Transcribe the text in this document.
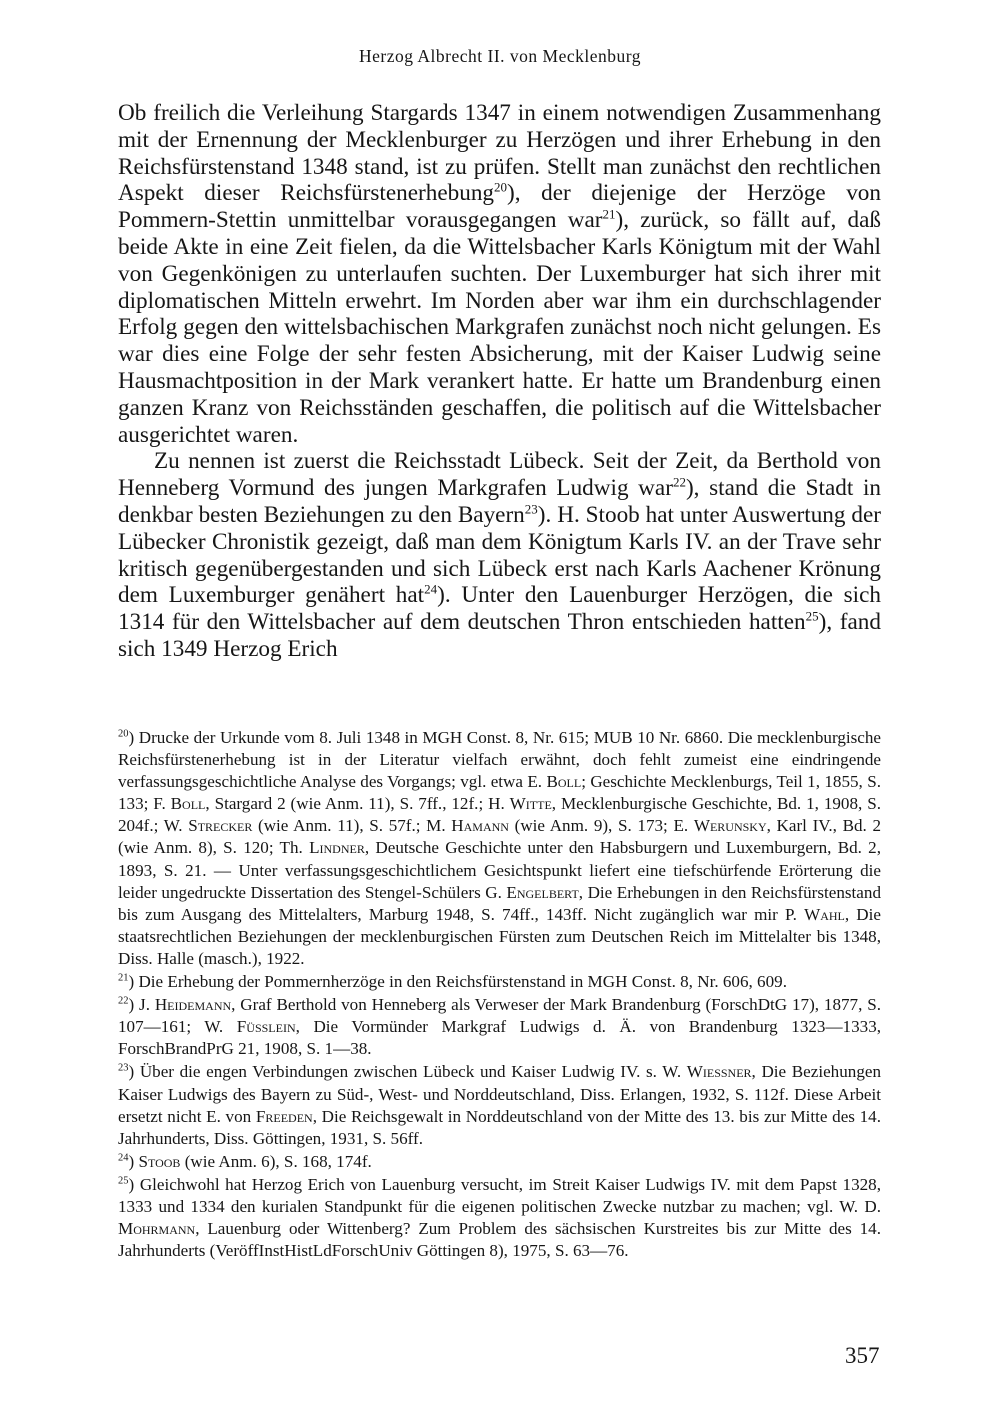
Herzog Albrecht II. von Mecklenburg

Ob freilich die Verleihung Stargards 1347 in einem notwendigen Zusammenhang mit der Ernennung der Mecklenburger zu Herzögen und ihrer Erhebung in den Reichsfürstenstand 1348 stand, ist zu prüfen. Stellt man zunächst den rechtlichen Aspekt dieser Reichsfürstenerhebung$^{20}$), der diejenige der Herzöge von Pommern-Stettin unmittelbar vorausgegangen war$^{21}$), zurück, so fällt auf, daß beide Akte in eine Zeit fielen, da die Wittelsbacher Karls Königtum mit der Wahl von Gegenkönigen zu unterlaufen suchten. Der Luxemburger hat sich ihrer mit diplomatischen Mitteln erwehrt. Im Norden aber war ihm ein durchschlagender Erfolg gegen den wittelsbachischen Markgrafen zunächst noch nicht gelungen. Es war dies eine Folge der sehr festen Absicherung, mit der Kaiser Ludwig seine Hausmachtposition in der Mark verankert hatte. Er hatte um Brandenburg einen ganzen Kranz von Reichsständen geschaffen, die politisch auf die Wittelsbacher ausgerichtet waren.

Zu nennen ist zuerst die Reichsstadt Lübeck. Seit der Zeit, da Berthold von Henneberg Vormund des jungen Markgrafen Ludwig war$^{22}$), stand die Stadt in denkbar besten Beziehungen zu den Bayern$^{23}$). H. Stoob hat unter Auswertung der Lübecker Chronistik gezeigt, daß man dem Königtum Karls IV. an der Trave sehr kritisch gegenübergestanden und sich Lübeck erst nach Karls Aachener Krönung dem Luxemburger genähert hat$^{24}$). Unter den Lauenburger Herzögen, die sich 1314 für den Wittelsbacher auf dem deutschen Thron entschieden hatten$^{25}$), fand sich 1349 Herzog Erich

$^{20}$) Drucke der Urkunde vom 8. Juli 1348 in MGH Const. 8, Nr. 615; MUB 10 Nr. 6860. Die mecklenburgische Reichsfürstenerhebung ist in der Literatur vielfach erwähnt, doch fehlt zumeist eine eindringende verfassungsgeschichtliche Analyse des Vorgangs; vgl. etwa E. Boll; Geschichte Mecklenburgs, Teil 1, 1855, S. 133; F. Boll, Stargard 2 (wie Anm. 11), S. 7ff., 12f.; H. Witte, Mecklenburgische Geschichte, Bd. 1, 1908, S. 204f.; W. Strecker (wie Anm. 11), S. 57f.; M. Hamann (wie Anm. 9), S. 173; E. Werunsky, Karl IV., Bd. 2 (wie Anm. 8), S. 120; Th. Lindner, Deutsche Geschichte unter den Habsburgern und Luxemburgern, Bd. 2, 1893, S. 21. — Unter verfassungsgeschichtlichem Gesichtspunkt liefert eine tiefschürfende Erörterung die leider ungedruckte Dissertation des Stengel-Schülers G. Engelbert, Die Erhebungen in den Reichsfürstenstand bis zum Ausgang des Mittelalters, Marburg 1948, S. 74ff., 143ff. Nicht zugänglich war mir P. Wahl, Die staatsrechtlichen Beziehungen der mecklenburgischen Fürsten zum Deutschen Reich im Mittelalter bis 1348, Diss. Halle (masch.), 1922.

$^{21}$) Die Erhebung der Pommernherzöge in den Reichsfürstenstand in MGH Const. 8, Nr. 606, 609.

$^{22}$) J. Heidemann, Graf Berthold von Henneberg als Verweser der Mark Brandenburg (ForschDtG 17), 1877, S. 107—161; W. Füsslein, Die Vormünder Markgraf Ludwigs d. Ä. von Brandenburg 1323—1333, ForschBrandPrG 21, 1908, S. 1—38.

$^{23}$) Über die engen Verbindungen zwischen Lübeck und Kaiser Ludwig IV. s. W. Wiessner, Die Beziehungen Kaiser Ludwigs des Bayern zu Süd-, West- und Norddeutschland, Diss. Erlangen, 1932, S. 112f. Diese Arbeit ersetzt nicht E. von Freeden, Die Reichsgewalt in Norddeutschland von der Mitte des 13. bis zur Mitte des 14. Jahrhunderts, Diss. Göttingen, 1931, S. 56ff.

$^{24}$) Stoob (wie Anm. 6), S. 168, 174f.

$^{25}$) Gleichwohl hat Herzog Erich von Lauenburg versucht, im Streit Kaiser Ludwigs IV. mit dem Papst 1328, 1333 und 1334 den kurialen Standpunkt für die eigenen politischen Zwecke nutzbar zu machen; vgl. W. D. Mohrmann, Lauenburg oder Wittenberg? Zum Problem des sächsischen Kurstreites bis zur Mitte des 14. Jahrhunderts (VeröffInstHistLdForschUniv Göttingen 8), 1975, S. 63—76.

357
